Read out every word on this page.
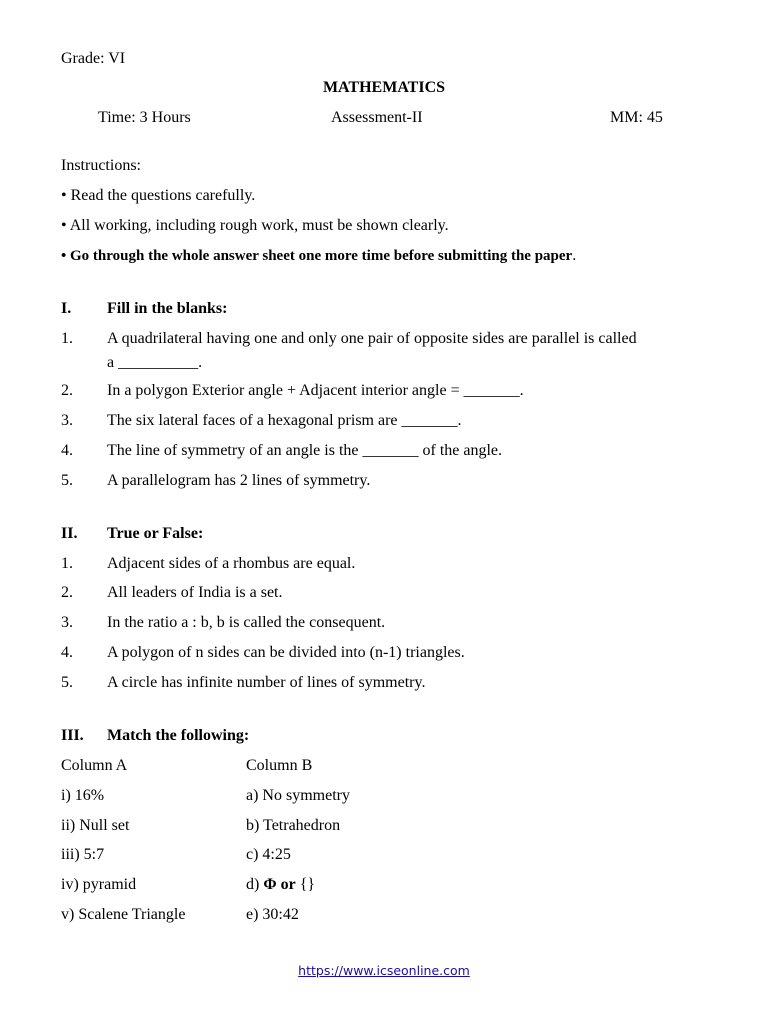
Grade: VI
MATHEMATICS
Time: 3 Hours	Assessment-II	MM: 45
Instructions:
• Read the questions carefully.
• All working, including rough work, must be shown clearly.
• Go through the whole answer sheet one more time before submitting the paper.
I. Fill in the blanks:
1. A quadrilateral having one and only one pair of opposite sides are parallel is called
a __________.
2. In a polygon Exterior angle + Adjacent interior angle = _______.
3. The six lateral faces of a hexagonal prism are _______.
4. The line of symmetry of an angle is the _______ of the angle.
5. A parallelogram has 2 lines of symmetry.
II. True or False:
1. Adjacent sides of a rhombus are equal.
2. All leaders of India is a set.
3. In the ratio a : b, b is called the consequent.
4. A polygon of n sides can be divided into (n-1) triangles.
5. A circle has infinite number of lines of symmetry.
III. Match the following:
Column A	Column B
i) 16%	a) No symmetry
ii) Null set	b) Tetrahedron
iii) 5:7	c) 4:25
iv) pyramid	d) Φ or {}
v) Scalene Triangle	e) 30:42
https://www.icseonline.com
